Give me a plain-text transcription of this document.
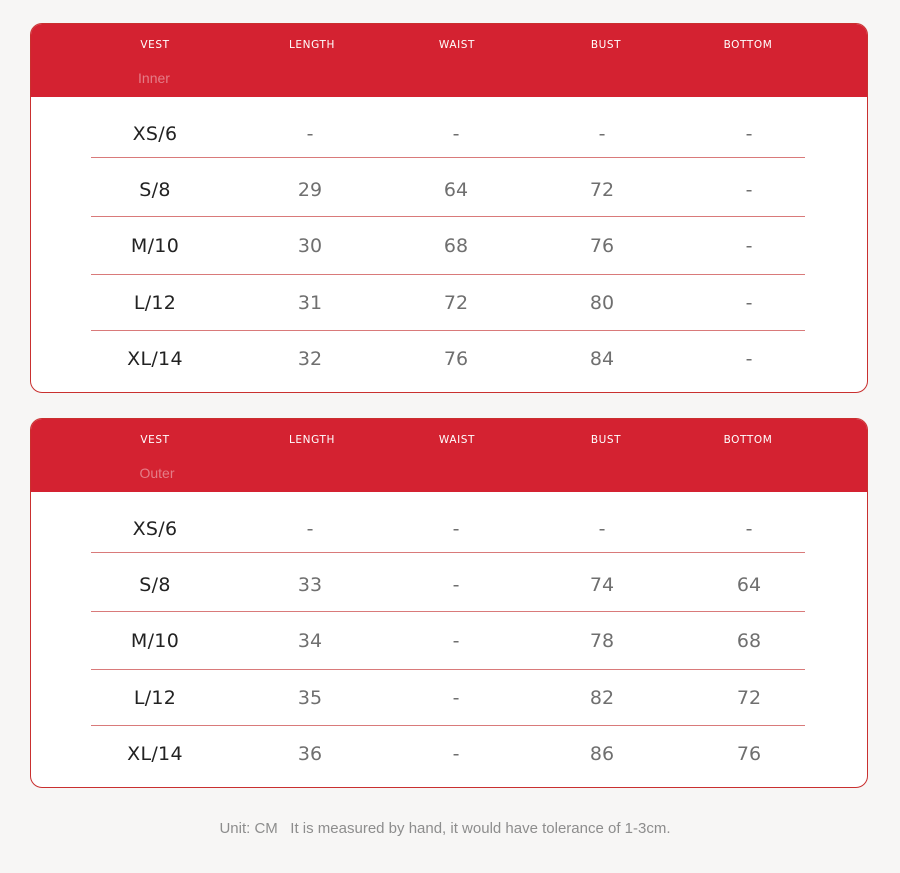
VEST	LENGTH	WAIST	BUST	BOTTOM
Inner
XS/6	-	-	-	-
S/8	29	64	72	-
M/10	30	68	76	-
L/12	31	72	80	-
XL/14	32	76	84	-
VEST	LENGTH	WAIST	BUST	BOTTOM
Outer
XS/6	-	-	-	-
S/8	33	-	74	64
M/10	34	-	78	68
L/12	35	-	82	72
XL/14	36	-	86	76
Unit: CM   It is measured by hand, it would have tolerance of 1-3cm.
